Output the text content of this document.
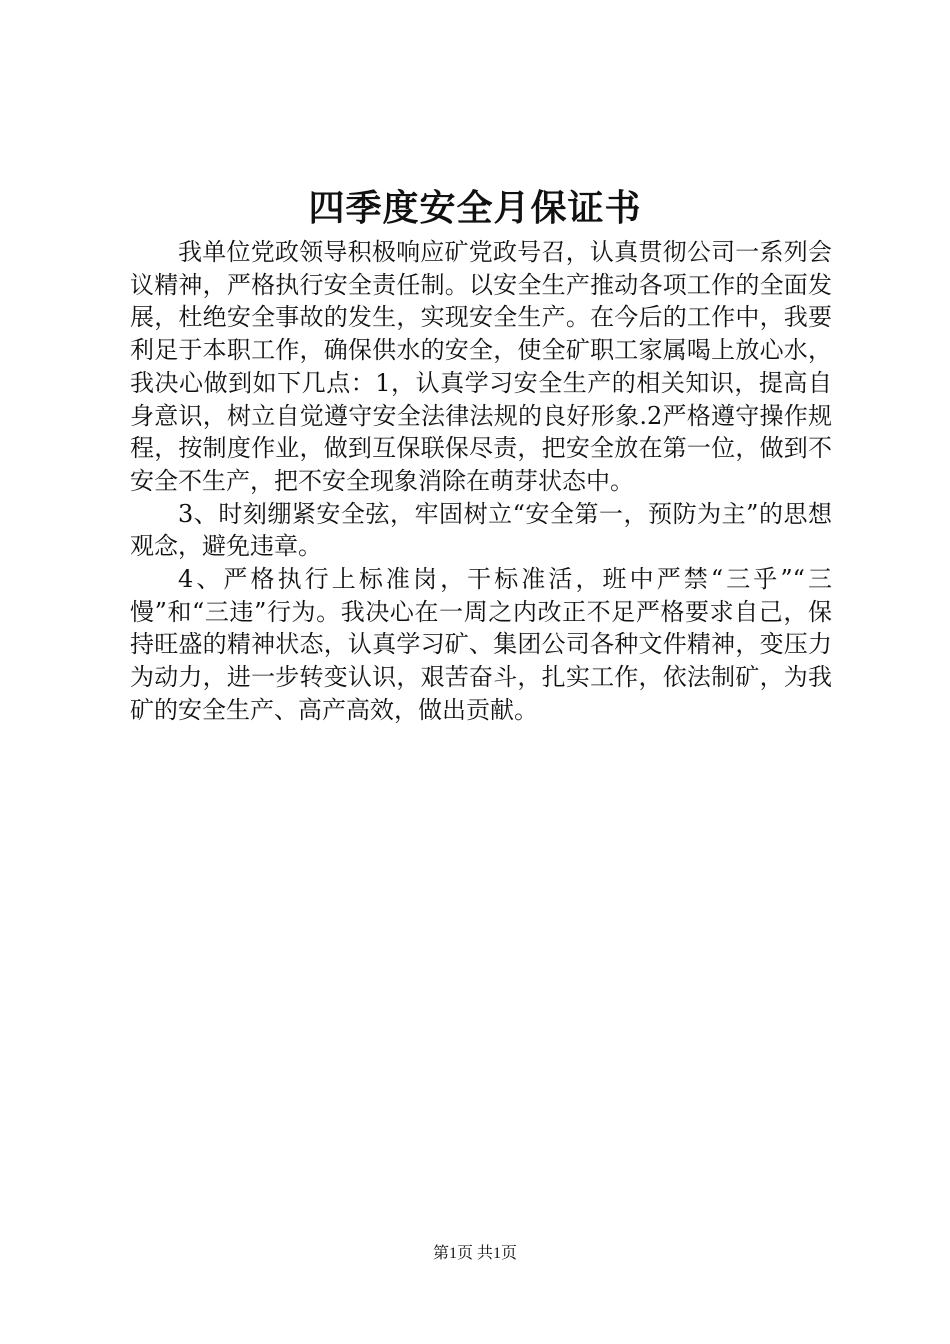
四季度安全月保证书

我单位党政领导积极响应矿党政号召，认真贯彻公司一系列会议精神，严格执行安全责任制。以安全生产推动各项工作的全面发展，杜绝安全事故的发生，实现安全生产。在今后的工作中，我要利足于本职工作，确保供水的安全，使全矿职工家属喝上放心水，我决心做到如下几点：1，认真学习安全生产的相关知识，提高自身意识，树立自觉遵守安全法律法规的良好形象.2严格遵守操作规程，按制度作业，做到互保联保尽责，把安全放在第一位，做到不安全不生产，把不安全现象消除在萌芽状态中。

3、时刻绷紧安全弦，牢固树立“安全第一，预防为主”的思想观念，避免违章。

4、严格执行上标准岗，干标准活，班中严禁“三乎”“三慢”和“三违”行为。我决心在一周之内改正不足严格要求自己，保持旺盛的精神状态，认真学习矿、集团公司各种文件精神，变压力为动力，进一步转变认识，艰苦奋斗，扎实工作，依法制矿，为我矿的安全生产、高产高效，做出贡献。

第1页 共1页
